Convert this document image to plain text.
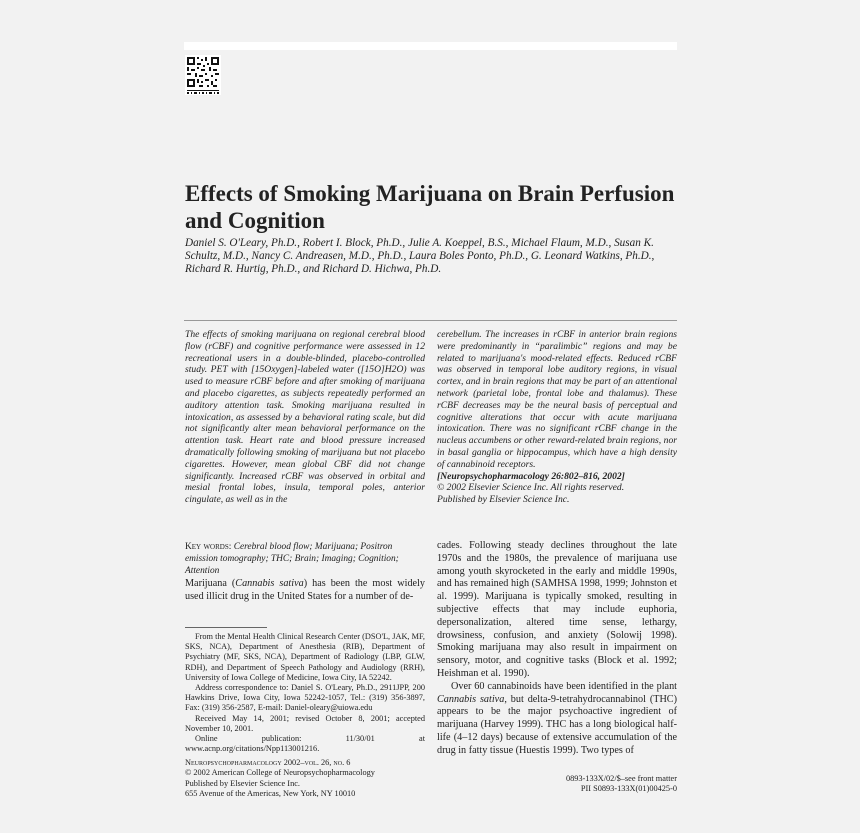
Effects of Smoking Marijuana on Brain Perfusion and Cognition
Daniel S. O'Leary, Ph.D., Robert I. Block, Ph.D., Julie A. Koeppel, B.S., Michael Flaum, M.D., Susan K. Schultz, M.D., Nancy C. Andreasen, M.D., Ph.D., Laura Boles Ponto, Ph.D., G. Leonard Watkins, Ph.D., Richard R. Hurtig, Ph.D., and Richard D. Hichwa, Ph.D.

The effects of smoking marijuana on regional cerebral blood flow (rCBF) and cognitive performance were assessed in 12 recreational users in a double-blinded, placebo-controlled study. PET with [15Oxygen]-labeled water ([15O]H2O) was used to measure rCBF before and after smoking of marijuana and placebo cigarettes, as subjects repeatedly performed an auditory attention task. Smoking marijuana resulted in intoxication, as assessed by a behavioral rating scale, but did not significantly alter mean behavioral performance on the attention task. Heart rate and blood pressure increased dramatically following smoking of marijuana but not placebo cigarettes. However, mean global CBF did not change significantly. Increased rCBF was observed in orbital and mesial frontal lobes, insula, temporal poles, anterior cingulate, as well as in the

cerebellum. The increases in rCBF in anterior brain regions were predominantly in “paralimbic” regions and may be related to marijuana's mood-related effects. Reduced rCBF was observed in temporal lobe auditory regions, in visual cortex, and in brain regions that may be part of an attentional network (parietal lobe, frontal lobe and thalamus). These rCBF decreases may be the neural basis of perceptual and cognitive alterations that occur with acute marijuana intoxication. There was no significant rCBF change in the nucleus accumbens or other reward-related brain regions, nor in basal ganglia or hippocampus, which have a high density of cannabinoid receptors.

[Neuropsychopharmacology 26:802–816, 2002]

© 2002 Elsevier Science Inc. All rights reserved.

Published by Elsevier Science Inc.

Key words: Cerebral blood flow; Marijuana; Positron emission tomography; THC; Brain; Imaging; Cognition; Attention

Marijuana (Cannabis sativa) has been the most widely used illicit drug in the United States for a number of de-

From the Mental Health Clinical Research Center (DSO'L, JAK, MF, SKS, NCA), Department of Anesthesia (RIB), Department of Psychiatry (MF, SKS, NCA), Department of Radiology (LBP, GLW, RDH), and Department of Speech Pathology and Audiology (RRH), University of Iowa College of Medicine, Iowa City, IA 52242.

Address correspondence to: Daniel S. O'Leary, Ph.D., 2911JPP, 200 Hawkins Drive, Iowa City, Iowa 52242-1057, Tel.: (319) 356-3897, Fax: (319) 356-2587, E-mail: Daniel-oleary@uiowa.edu

Received May 14, 2001; revised October 8, 2001; accepted November 10, 2001.

Online publication: 11/30/01 at www.acnp.org/citations/Npp113001216.

cades. Following steady declines throughout the late 1970s and the 1980s, the prevalence of marijuana use among youth skyrocketed in the early and middle 1990s, and has remained high (SAMHSA 1998, 1999; Johnston et al. 1999). Marijuana is typically smoked, resulting in subjective effects that may include euphoria, depersonalization, altered time sense, lethargy, drowsiness, confusion, and anxiety (Solowij 1998). Smoking marijuana may also result in impairment on sensory, motor, and cognitive tasks (Block et al. 1992; Heishman et al. 1990).

Over 60 cannabinoids have been identified in the plant Cannabis sativa, but delta-9-tetrahydrocannabinol (THC) appears to be the major psychoactive ingredient of marijuana (Harvey 1999). THC has a long biological half-life (4–12 days) because of extensive accumulation of the drug in fatty tissue (Huestis 1999). Two types of

Neuropsychopharmacology 2002–vol. 26, no. 6
© 2002 American College of Neuropsychopharmacology
Published by Elsevier Science Inc.
655 Avenue of the Americas, New York, NY 10010
0893-133X/02/$–see front matter
PII S0893-133X(01)00425-0
